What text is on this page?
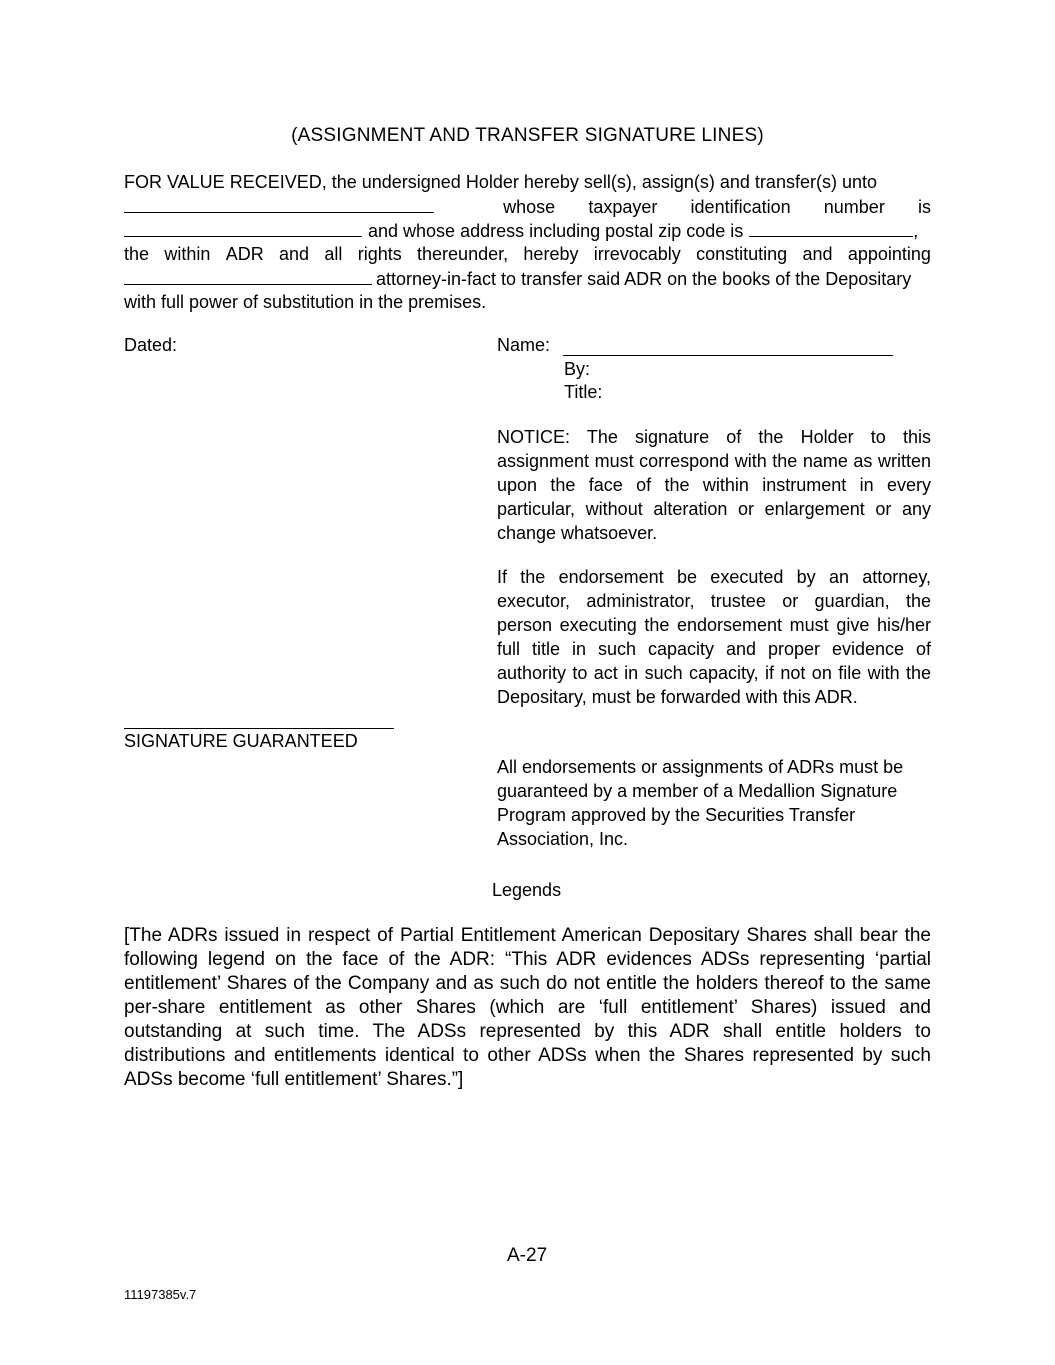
(ASSIGNMENT AND TRANSFER SIGNATURE LINES)
FOR VALUE RECEIVED, the undersigned Holder hereby sell(s), assign(s) and transfer(s) unto
whose taxpayer identification number is
and whose address including postal zip code is	,
the within ADR and all rights thereunder, hereby irrevocably constituting and appointing
attorney-in-fact to transfer said ADR on the books of the Depositary
with full power of substitution in the premises.
Dated:	Name:
By:
Title:
NOTICE: The signature of the Holder to this assignment must correspond with the name as written upon the face of the within instrument in every particular, without alteration or enlargement or any change whatsoever.
If the endorsement be executed by an attorney, executor, administrator, trustee or guardian, the person executing the endorsement must give his/her full title in such capacity and proper evidence of authority to act in such capacity, if not on file with the Depositary, must be forwarded with this ADR.
SIGNATURE GUARANTEED
All endorsements or assignments of ADRs must be guaranteed by a member of a Medallion Signature Program approved by the Securities Transfer Association, Inc.
Legends
[The ADRs issued in respect of Partial Entitlement American Depositary Shares shall bear the following legend on the face of the ADR: “This ADR evidences ADSs representing ‘partial entitlement’ Shares of the Company and as such do not entitle the holders thereof to the same per-share entitlement as other Shares (which are ‘full entitlement’ Shares) issued and outstanding at such time. The ADSs represented by this ADR shall entitle holders to distributions and entitlements identical to other ADSs when the Shares represented by such ADSs become ‘full entitlement’ Shares.”]
A-27
11197385v.7
